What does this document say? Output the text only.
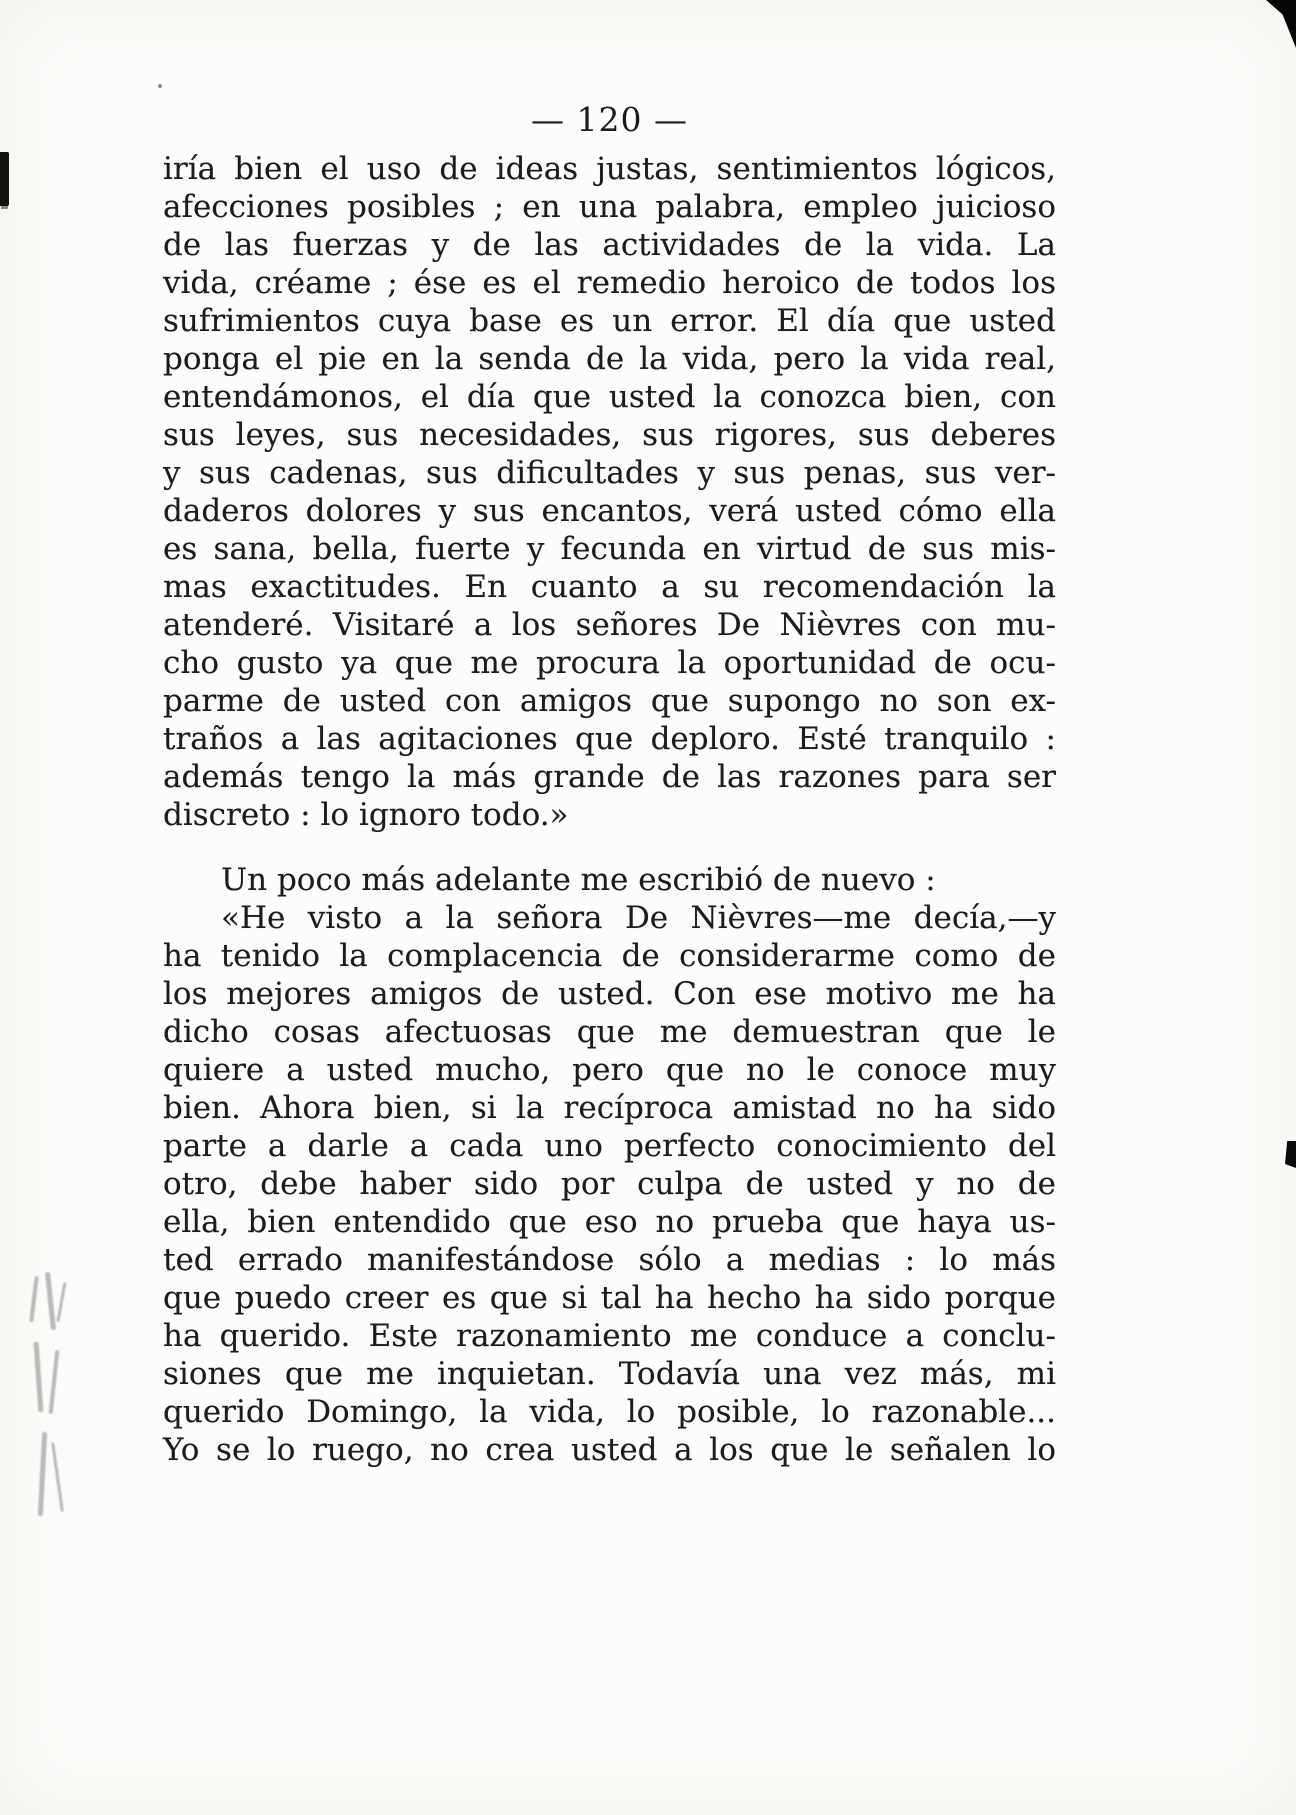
— 120 —
iría bien el uso de ideas justas, sentimientos lógicos,
afecciones posibles ; en una palabra, empleo juicioso
de las fuerzas y de las actividades de la vida. La
vida, créame ; ése es el remedio heroico de todos los
sufrimientos cuya base es un error. El día que usted
ponga el pie en la senda de la vida, pero la vida real,
entendámonos, el día que usted la conozca bien, con
sus leyes, sus necesidades, sus rigores, sus deberes
y sus cadenas, sus dificultades y sus penas, sus ver-
daderos dolores y sus encantos, verá usted cómo ella
es sana, bella, fuerte y fecunda en virtud de sus mis-
mas exactitudes. En cuanto a su recomendación la
atenderé. Visitaré a los señores De Nièvres con mu-
cho gusto ya que me procura la oportunidad de ocu-
parme de usted con amigos que supongo no son ex-
traños a las agitaciones que deploro. Esté tranquilo :
además tengo la más grande de las razones para ser
discreto : lo ignoro todo.»
Un poco más adelante me escribió de nuevo :
«He visto a la señora De Nièvres—me decía,—y
ha tenido la complacencia de considerarme como de
los mejores amigos de usted. Con ese motivo me ha
dicho cosas afectuosas que me demuestran que le
quiere a usted mucho, pero que no le conoce muy
bien. Ahora bien, si la recíproca amistad no ha sido
parte a darle a cada uno perfecto conocimiento del
otro, debe haber sido por culpa de usted y no de
ella, bien entendido que eso no prueba que haya us-
ted errado manifestándose sólo a medias : lo más
que puedo creer es que si tal ha hecho ha sido porque
ha querido. Este razonamiento me conduce a conclu-
siones que me inquietan. Todavía una vez más, mi
querido Domingo, la vida, lo posible, lo razonable...
Yo se lo ruego, no crea usted a los que le señalen lo
